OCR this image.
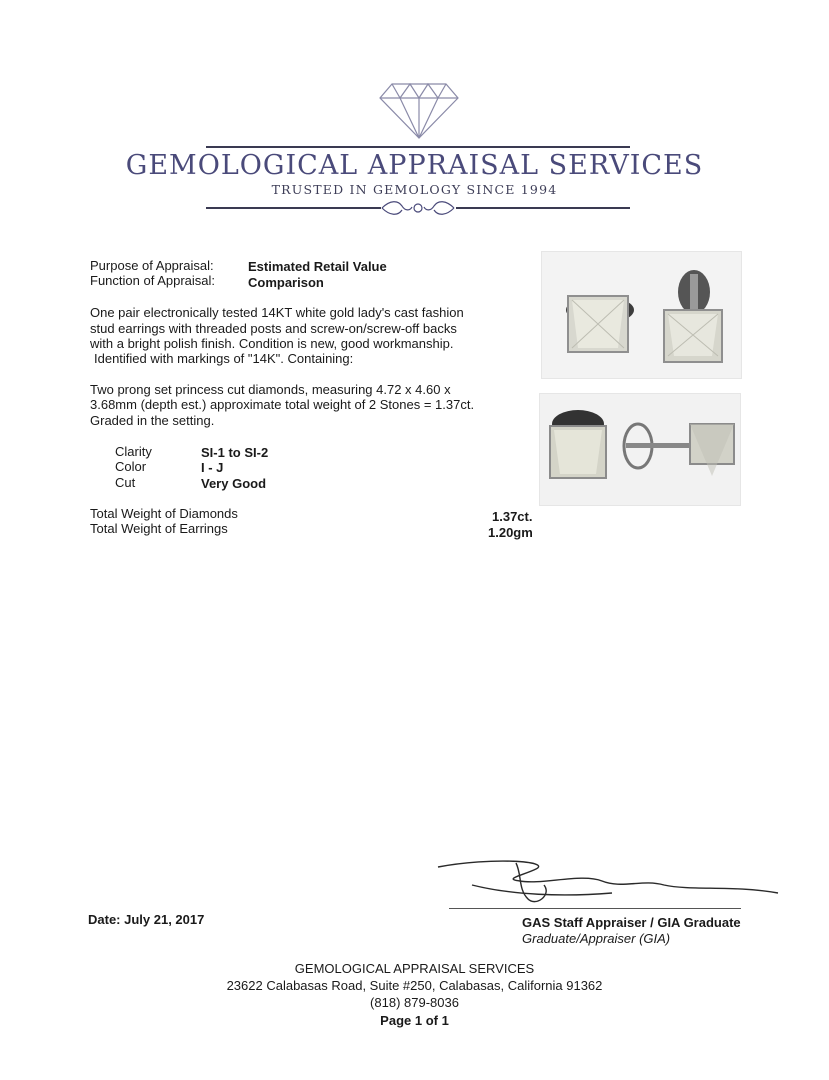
GEMOLOGICAL APPRAISAL SERVICES
TRUSTED IN GEMOLOGY SINCE 1994
Purpose of Appraisal:	Estimated Retail Value
Function of Appraisal:	Comparison
One pair electronically tested 14KT white gold lady's cast fashion
stud earrings with threaded posts and screw-on/screw-off backs
with a bright polish finish. Condition is new, good workmanship.
Identified with markings of "14K". Containing:
Two prong set princess cut diamonds, measuring 4.72 x 4.60 x
3.68mm (depth est.) approximate total weight of 2 Stones = 1.37ct.
Graded in the setting.
Clarity	SI-1 to SI-2
Color	I - J
Cut	Very Good
Total Weight of Diamonds	1.37ct.
Total Weight of Earrings	1.20gm
Date: July 21, 2017	GAS Staff Appraiser / GIA Graduate
Graduate/Appraiser (GIA)
GEMOLOGICAL APPRAISAL SERVICES
23622 Calabasas Road, Suite #250, Calabasas, California 91362
(818) 879-8036
Page 1 of 1
